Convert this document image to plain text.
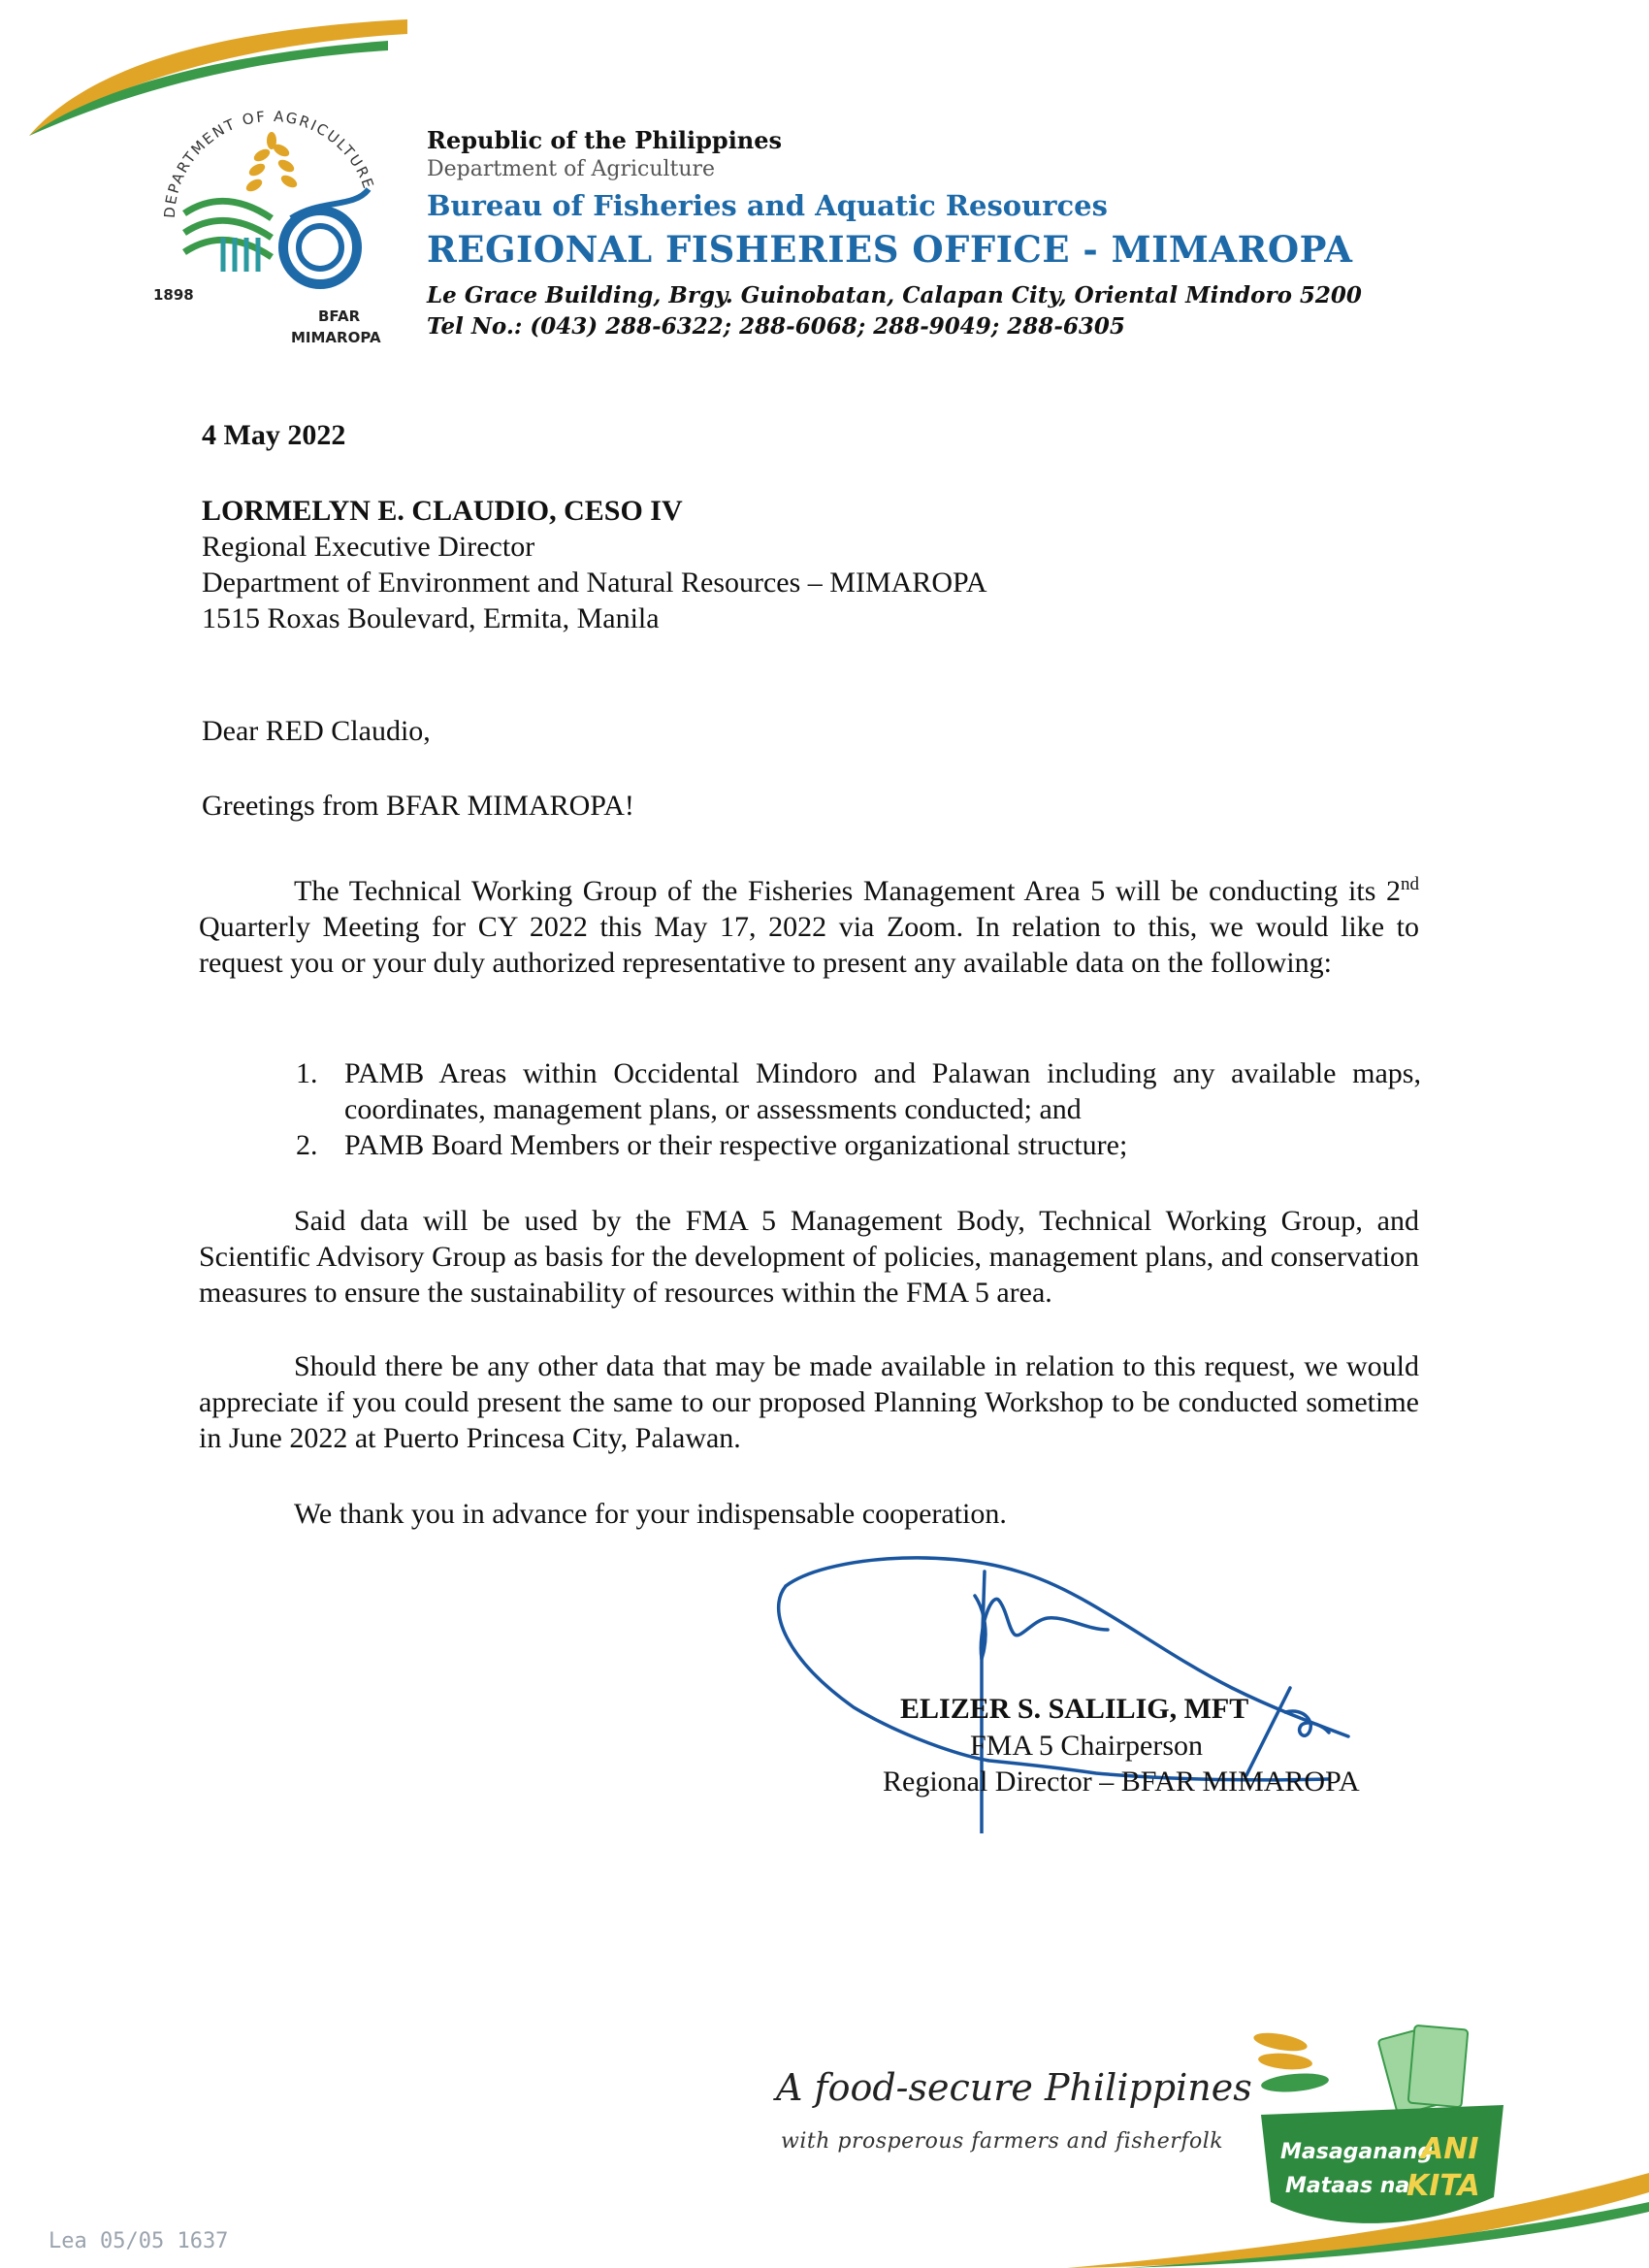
DEPARTMENT OF AGRICULTURE
1898
BFAR
MIMAROPA
Republic of the Philippines
Department of Agriculture
Bureau of Fisheries and Aquatic Resources
REGIONAL FISHERIES OFFICE - MIMAROPA
Le Grace Building, Brgy. Guinobatan, Calapan City, Oriental Mindoro 5200
Tel No.: (043) 288-6322; 288-6068; 288-9049; 288-6305
4 May 2022
LORMELYN E. CLAUDIO, CESO IV
Regional Executive Director
Department of Environment and Natural Resources – MIMAROPA
1515 Roxas Boulevard, Ermita, Manila
Dear RED Claudio,
Greetings from BFAR MIMAROPA!
The Technical Working Group of the Fisheries Management Area 5 will be conducting its 2nd Quarterly Meeting for CY 2022 this May 17, 2022 via Zoom. In relation to this, we would like to request you or your duly authorized representative to present any available data on the following:
1. PAMB Areas within Occidental Mindoro and Palawan including any available maps, coordinates, management plans, or assessments conducted; and
2. PAMB Board Members or their respective organizational structure;
Said data will be used by the FMA 5 Management Body, Technical Working Group, and Scientific Advisory Group as basis for the development of policies, management plans, and conservation measures to ensure the sustainability of resources within the FMA 5 area.
Should there be any other data that may be made available in relation to this request, we would appreciate if you could present the same to our proposed Planning Workshop to be conducted sometime in June 2022 at Puerto Princesa City, Palawan.
We thank you in advance for your indispensable cooperation.
ELIZER S. SALILIG, MFT
FMA 5 Chairperson
Regional Director – BFAR MIMAROPA
A food-secure Philippines
with prosperous farmers and fisherfolk	Masaganang
ANI
Mataas na
KITA
Lea 05/05 1637
